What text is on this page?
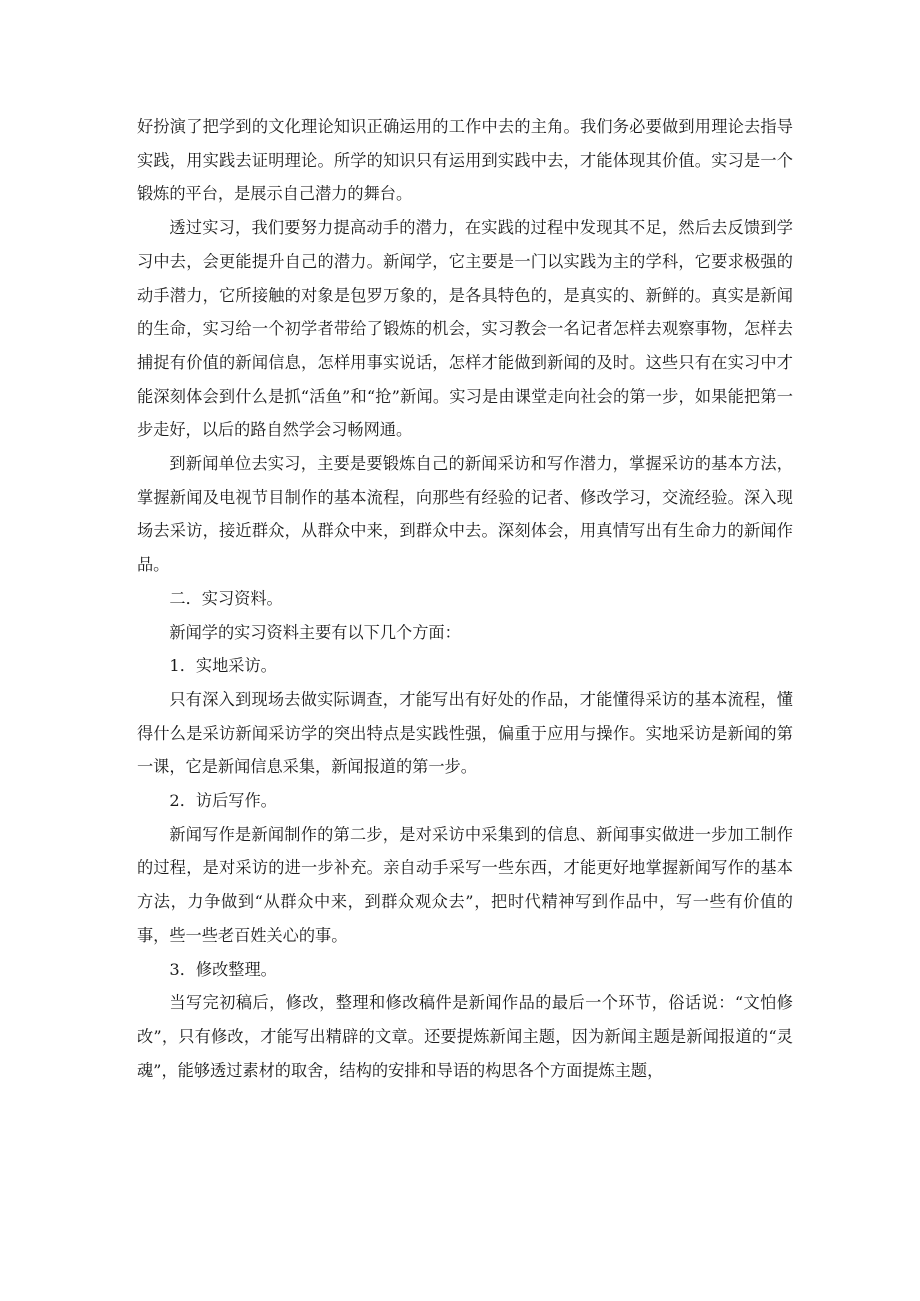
好扮演了把学到的文化理论知识正确运用的工作中去的主角。我们务必要做到用理论去指导实践，用实践去证明理论。所学的知识只有运用到实践中去，才能体现其价值。实习是一个锻炼的平台，是展示自己潜力的舞台。

透过实习，我们要努力提高动手的潜力，在实践的过程中发现其不足，然后去反馈到学习中去，会更能提升自己的潜力。新闻学，它主要是一门以实践为主的学科，它要求极强的动手潜力，它所接触的对象是包罗万象的，是各具特色的，是真实的、新鲜的。真实是新闻的生命，实习给一个初学者带给了锻炼的机会，实习教会一名记者怎样去观察事物，怎样去捕捉有价值的新闻信息，怎样用事实说话，怎样才能做到新闻的及时。这些只有在实习中才能深刻体会到什么是抓“活鱼”和“抢”新闻。实习是由课堂走向社会的第一步，如果能把第一步走好，以后的路自然学会习畅网通。

到新闻单位去实习，主要是要锻炼自己的新闻采访和写作潜力，掌握采访的基本方法，掌握新闻及电视节目制作的基本流程，向那些有经验的记者、修改学习，交流经验。深入现场去采访，接近群众，从群众中来，到群众中去。深刻体会，用真情写出有生命力的新闻作品。

二．实习资料。

新闻学的实习资料主要有以下几个方面：

1．实地采访。

只有深入到现场去做实际调查，才能写出有好处的作品，才能懂得采访的基本流程，懂得什么是采访新闻采访学的突出特点是实践性强，偏重于应用与操作。实地采访是新闻的第一课，它是新闻信息采集，新闻报道的第一步。

2．访后写作。

新闻写作是新闻制作的第二步，是对采访中采集到的信息、新闻事实做进一步加工制作的过程，是对采访的进一步补充。亲自动手采写一些东西，才能更好地掌握新闻写作的基本方法，力争做到“从群众中来，到群众观众去”，把时代精神写到作品中，写一些有价值的事，些一些老百姓关心的事。

3．修改整理。

当写完初稿后，修改，整理和修改稿件是新闻作品的最后一个环节，俗话说：“文怕修改”，只有修改，才能写出精辟的文章。还要提炼新闻主题，因为新闻主题是新闻报道的“灵魂”，能够透过素材的取舍，结构的安排和导语的构思各个方面提炼主题，
